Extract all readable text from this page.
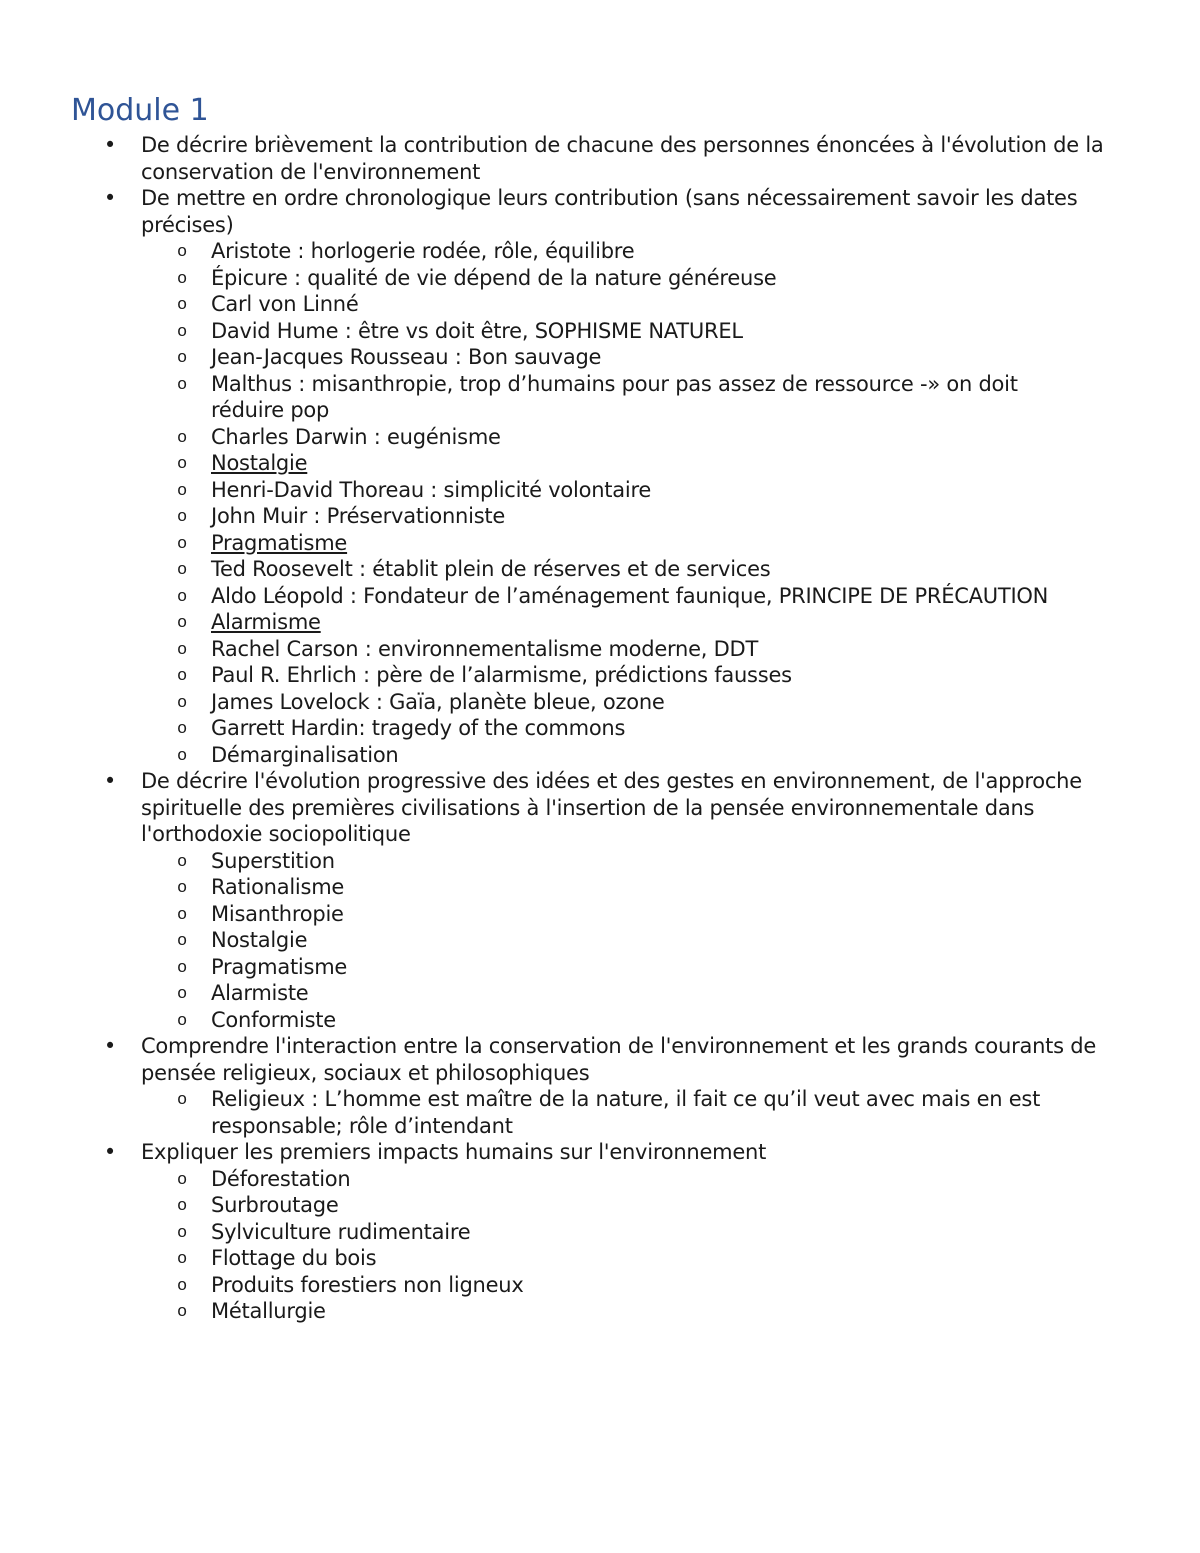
Module 1
• De décrire brièvement la contribution de chacune des personnes énoncées à l'évolution de la conservation de l'environnement
• De mettre en ordre chronologique leurs contribution (sans nécessairement savoir les dates précises)
o Aristote : horlogerie rodée, rôle, équilibre
o Épicure : qualité de vie dépend de la nature généreuse
o Carl von Linné
o David Hume : être vs doit être, SOPHISME NATUREL
o Jean-Jacques Rousseau : Bon sauvage
o Malthus : misanthropie, trop d’humains pour pas assez de ressource -» on doit réduire pop
o Charles Darwin : eugénisme
o Nostalgie
o Henri-David Thoreau : simplicité volontaire
o John Muir : Préservationniste
o Pragmatisme
o Ted Roosevelt : établit plein de réserves et de services
o Aldo Léopold : Fondateur de l’aménagement faunique, PRINCIPE DE PRÉCAUTION
o Alarmisme
o Rachel Carson : environnementalisme moderne, DDT
o Paul R. Ehrlich : père de l’alarmisme, prédictions fausses
o James Lovelock : Gaïa, planète bleue, ozone
o Garrett Hardin: tragedy of the commons
o Démarginalisation
• De décrire l'évolution progressive des idées et des gestes en environnement, de l'approche spirituelle des premières civilisations à l'insertion de la pensée environnementale dans l'orthodoxie sociopolitique
o Superstition
o Rationalisme
o Misanthropie
o Nostalgie
o Pragmatisme
o Alarmiste
o Conformiste
• Comprendre l'interaction entre la conservation de l'environnement et les grands courants de pensée religieux, sociaux et philosophiques
o Religieux : L’homme est maître de la nature, il fait ce qu’il veut avec mais en est responsable; rôle d’intendant
• Expliquer les premiers impacts humains sur l'environnement
o Déforestation
o Surbroutage
o Sylviculture rudimentaire
o Flottage du bois
o Produits forestiers non ligneux
o Métallurgie
